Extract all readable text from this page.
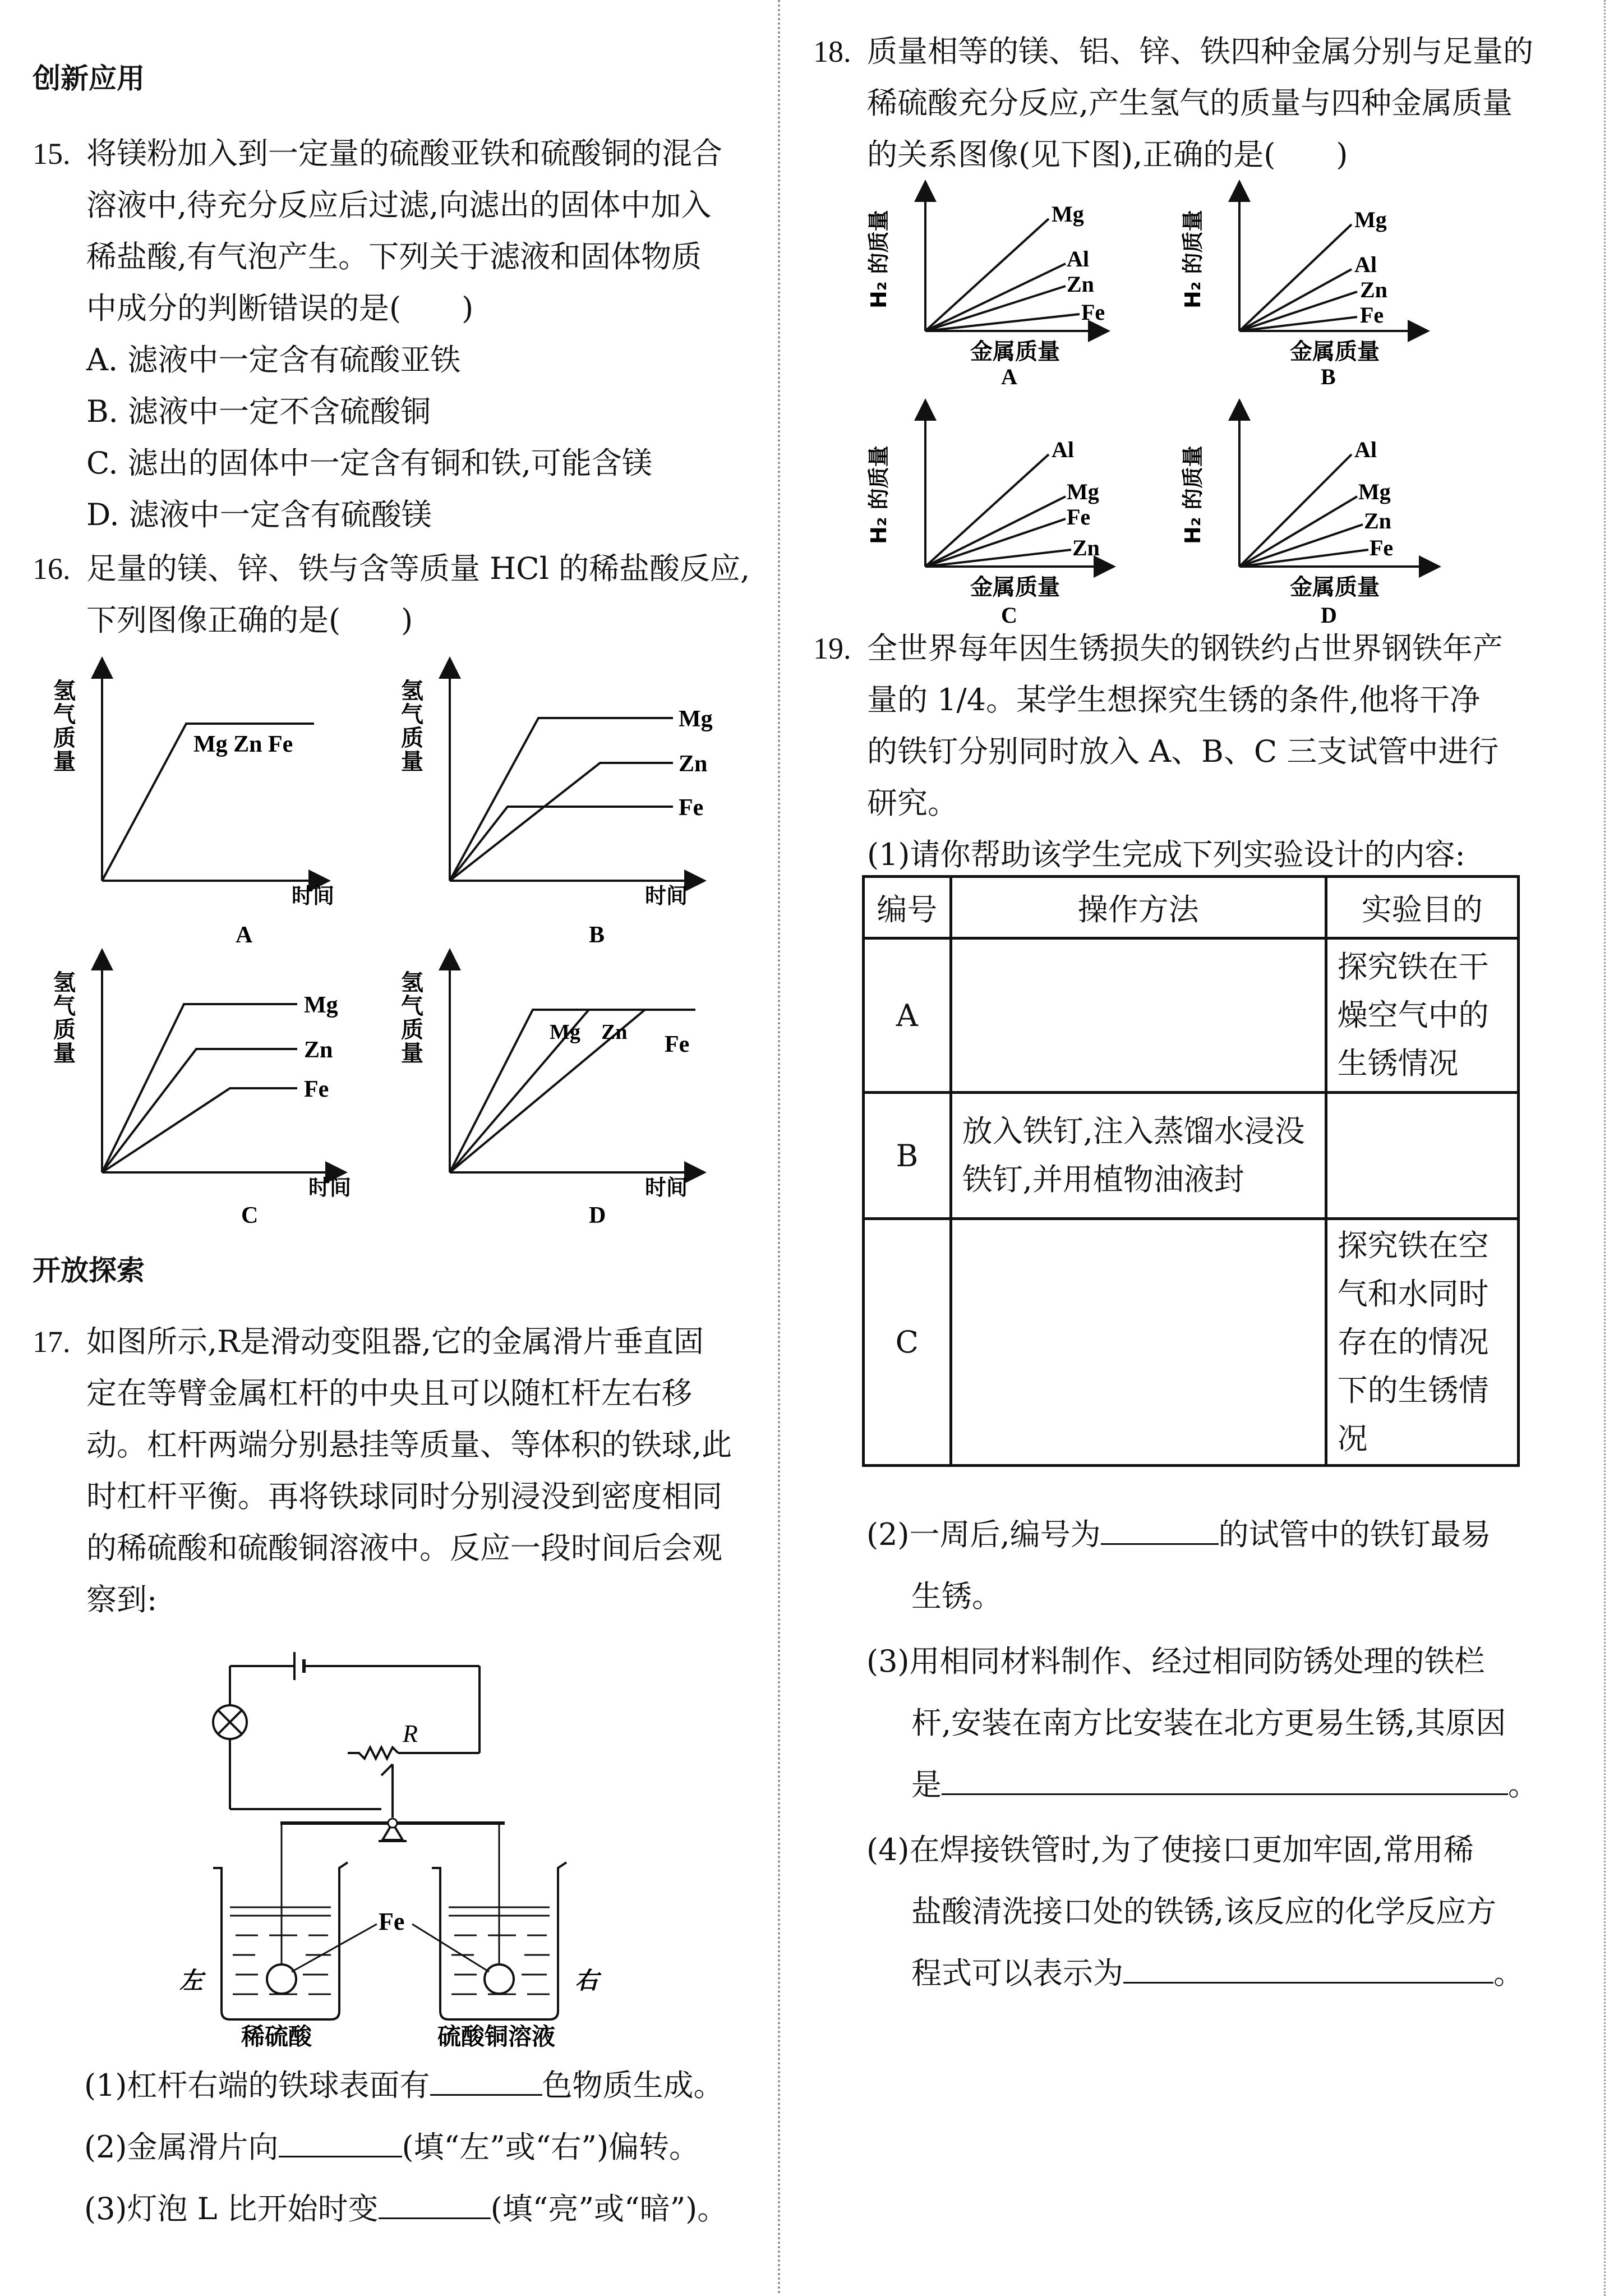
创新应用
15. 将镁粉加入到一定量的硫酸亚铁和硫酸铜的混合
溶液中,待充分反应后过滤,向滤出的固体中加入
稀盐酸,有气泡产生。下列关于滤液和固体物质
中成分的判断错误的是(　　)
A. 滤液中一定含有硫酸亚铁
B. 滤液中一定不含硫酸铜
C. 滤出的固体中一定含有铜和铁,可能含镁
D. 滤液中一定含有硫酸镁
16. 足量的镁、锌、铁与含等质量 HCl 的稀盐酸反应,
下列图像正确的是(　　)
氢气质量
时间
Mg Zn Fe
A
氢气质量
时间
Mg
Zn
Fe
B
氢气质量
时间
Mg
Zn
Fe
C
氢气质量
时间
Mg Zn Fe
D
开放探索
17. 如图所示,R是滑动变阻器,它的金属滑片垂直固
定在等臂金属杠杆的中央且可以随杠杆左右移
动。杠杆两端分别悬挂等质量、等体积的铁球,此
时杠杆平衡。再将铁球同时分别浸没到密度相同
的稀硫酸和硫酸铜溶液中。反应一段时间后会观
察到:
R
Fe
左	右
稀硫酸	硫酸铜溶液
(1)杠杆右端的铁球表面有	色物质生成。
(2)金属滑片向	(填“左”或“右”)偏转。
(3)灯泡 L 比开始时变	(填“亮”或“暗”)。
18. 质量相等的镁、铝、锌、铁四种金属分别与足量的
稀硫酸充分反应,产生氢气的质量与四种金属质量
的关系图像(见下图),正确的是(　　)
H₂ 的质量
金属质量
Mg
Al
Zn
Fe
A
H₂ 的质量
金属质量
Mg
Al
Zn
Fe
B
H₂ 的质量
金属质量
Al
Mg
Fe
Zn
C
H₂ 的质量
金属质量
Al
Mg
Zn
Fe
D
19. 全世界每年因生锈损失的钢铁约占世界钢铁年产
量的 1/4。某学生想探究生锈的条件,他将干净
的铁钉分别同时放入 A、B、C 三支试管中进行
研究。
(1)请你帮助该学生完成下列实验设计的内容:
编号	操作方法	实验目的
A		探究铁在干燥空气中的生锈情况
B	放入铁钉,注入蒸馏水浸没铁钉,并用植物油液封	
C		探究铁在空气和水同时存在的情况下的生锈情况
(2)一周后,编号为	的试管中的铁钉最易
生锈。
(3)用相同材料制作、经过相同防锈处理的铁栏
杆,安装在南方比安装在北方更易生锈,其原因
是	。
(4)在焊接铁管时,为了使接口更加牢固,常用稀
盐酸清洗接口处的铁锈,该反应的化学反应方
程式可以表示为	。
